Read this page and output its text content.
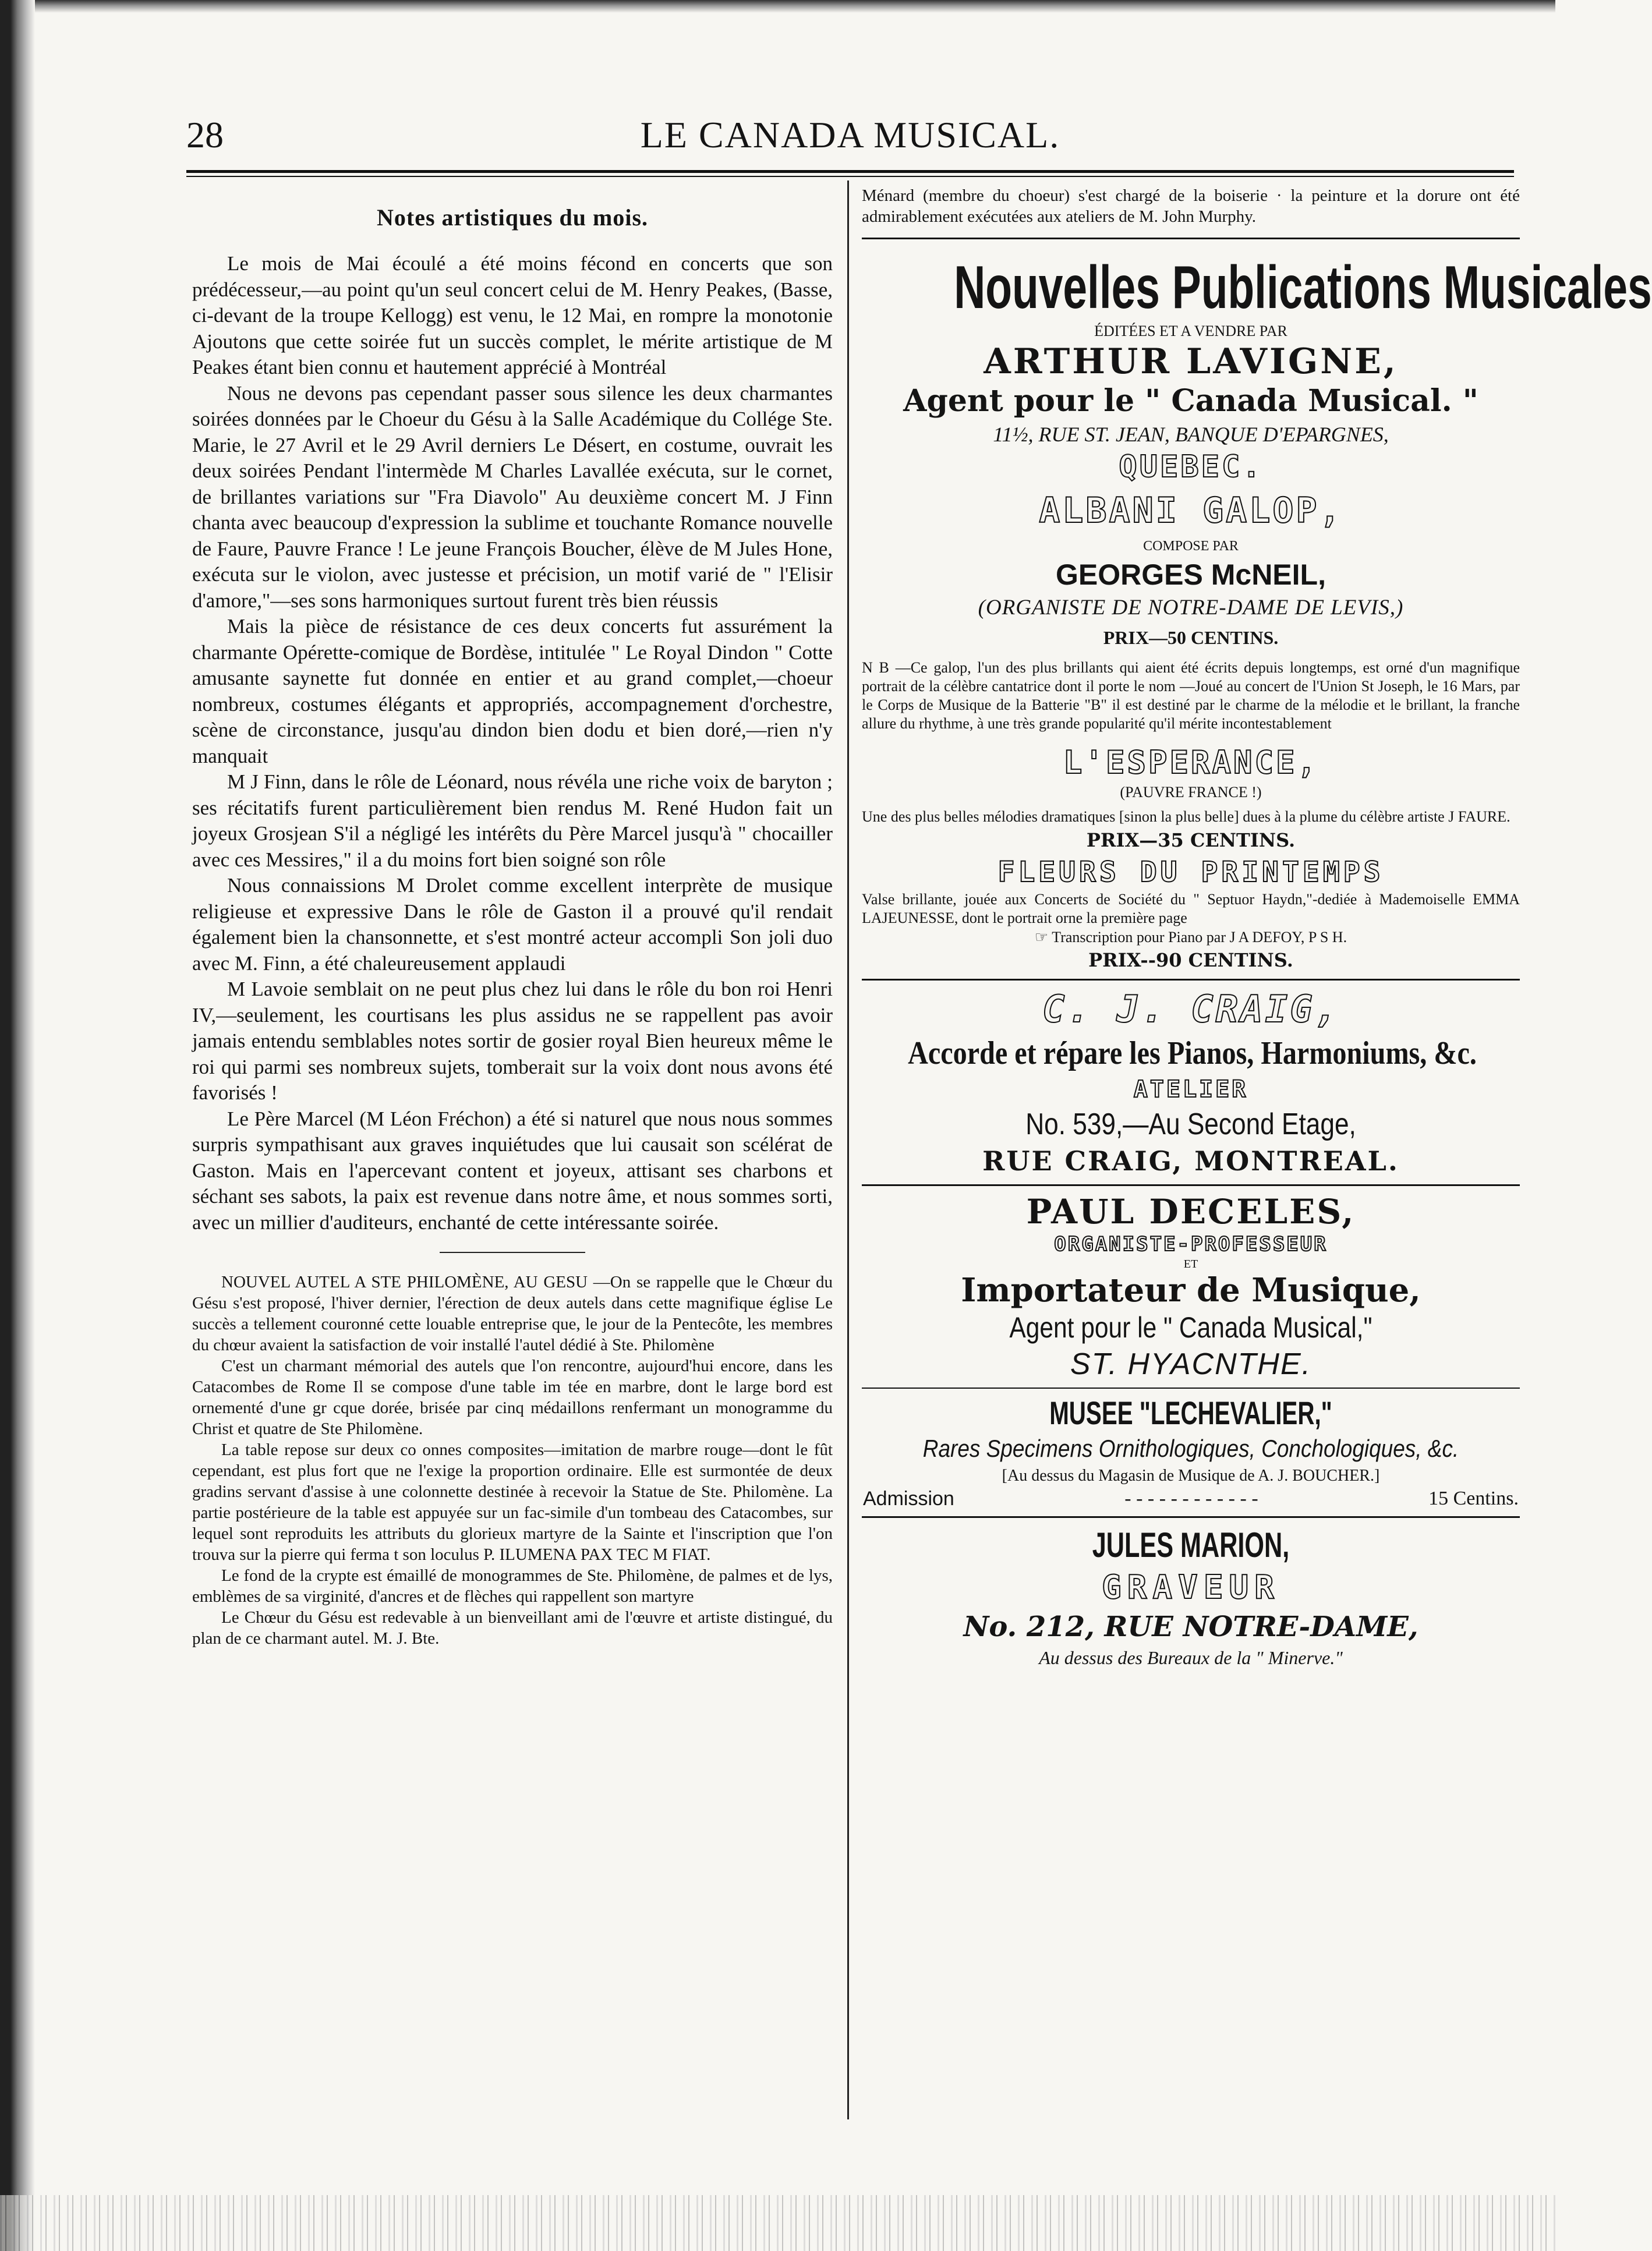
LE CANADA MUSICAL.
28
Notes artistiques du mois.

Le mois de Mai écoulé a été moins fécond en concerts que son prédécesseur,—au point qu'un seul concert celui de M. Henry Peakes, (Basse, ci-devant de la troupe Kellogg) est venu, le 12 Mai, en rompre la monotonie Ajoutons que cette soirée fut un succès complet, le mérite artistique de M Peakes étant bien connu et hautement apprécié à Montréal

Nous ne devons pas cependant passer sous silence les deux charmantes soirées données par le Choeur du Gésu à la Salle Académique du Collége Ste. Marie, le 27 Avril et le 29 Avril derniers Le Désert, en costume, ouvrait les deux soirées Pendant l'intermède M Charles Lavallée exécuta, sur le cornet, de brillantes variations sur "Fra Diavolo" Au deuxième concert M. J Finn chanta avec beaucoup d'expression la sublime et touchante Romance nouvelle de Faure, Pauvre France ! Le jeune François Boucher, élève de M Jules Hone, exécuta sur le violon, avec justesse et précision, un motif varié de " l'Elisir d'amore,"—ses sons harmoniques surtout furent très bien réussis

Mais la pièce de résistance de ces deux concerts fut assurément la charmante Opérette-comique de Bordèse, intitulée " Le Royal Dindon " Cotte amusante saynette fut donnée en entier et au grand complet,—choeur nombreux, costumes élégants et appropriés, accompagnement d'orchestre, scène de circonstance, jusqu'au dindon bien dodu et bien doré,—rien n'y manquait

M J Finn, dans le rôle de Léonard, nous révéla une riche voix de baryton ; ses récitatifs furent particulièrement bien rendus M. René Hudon fait un joyeux Grosjean S'il a négligé les intérêts du Père Marcel jusqu'à " chocailler avec ces Messires," il a du moins fort bien soigné son rôle

Nous connaissions M Drolet comme excellent interprète de musique religieuse et expressive Dans le rôle de Gaston il a prouvé qu'il rendait également bien la chansonnette, et s'est montré acteur accompli Son joli duo avec M. Finn, a été chaleureusement applaudi

M Lavoie semblait on ne peut plus chez lui dans le rôle du bon roi Henri IV,—seulement, les courtisans les plus assidus ne se rappellent pas avoir jamais entendu semblables notes sortir de gosier royal Bien heureux même le roi qui parmi ses nombreux sujets, tomberait sur la voix dont nous avons été favorisés !

Le Père Marcel (M Léon Fréchon) a été si naturel que nous nous sommes surpris sympathisant aux graves inquiétudes que lui causait son scélérat de Gaston. Mais en l'apercevant content et joyeux, attisant ses charbons et séchant ses sabots, la paix est revenue dans notre âme, et nous sommes sorti, avec un millier d'auditeurs, enchanté de cette intéressante soirée.

NOUVEL AUTEL A STE PHILOMÈNE, AU GESU —On se rappelle que le Chœur du Gésu s'est proposé, l'hiver dernier, l'érection de deux autels dans cette magnifique église Le succès a tellement couronné cette louable entreprise que, le jour de la Pentecôte, les membres du chœur avaient la satisfaction de voir installé l'autel dédié à Ste. Philomène

C'est un charmant mémorial des autels que l'on rencontre, aujourd'hui encore, dans les Catacombes de Rome Il se compose d'une table im tée en marbre, dont le large bord est ornementé d'une gr cque dorée, brisée par cinq médaillons renfermant un monogramme du Christ et quatre de Ste Philomène.

La table repose sur deux co onnes composites—imitation de marbre rouge—dont le fût cependant, est plus fort que ne l'exige la proportion ordinaire. Elle est surmontée de deux gradins servant d'assise à une colonnette destinée à recevoir la Statue de Ste. Philomène. La partie postérieure de la table est appuyée sur un fac-simile d'un tombeau des Catacombes, sur lequel sont reproduits les attributs du glorieux martyre de la Sainte et l'inscription que l'on trouva sur la pierre qui ferma t son loculus P. ILUMENA PAX TEC M FIAT.

Le fond de la crypte est émaillé de monogrammes de Ste. Philomène, de palmes et de lys, emblèmes de sa virginité, d'ancres et de flèches qui rappellent son martyre

Le Chœur du Gésu est redevable à un bienveillant ami de l'œuvre et artiste distingué, du plan de ce charmant autel. M. J. Bte.

Ménard (membre du choeur) s'est chargé de la boiserie · la peinture et la dorure ont été admirablement exécutées aux ateliers de M. John Murphy.

Nouvelles Publications Musicales
ÉDITÉES ET A VENDRE PAR
ARTHUR LAVIGNE,
Agent pour le " Canada Musical. "
11½, RUE ST. JEAN, BANQUE D'EPARGNES,
QUEBEC.
ALBANI GALOP,
COMPOSE PAR
GEORGES McNEIL,
(ORGANISTE DE NOTRE-DAME DE LEVIS,)
PRIX—50 CENTINS.
N B —Ce galop, l'un des plus brillants qui aient été écrits depuis longtemps, est orné d'un magnifique portrait de la célèbre cantatrice dont il porte le nom —Joué au concert de l'Union St Joseph, le 16 Mars, par le Corps de Musique de la Batterie "B" il est destiné par le charme de la mélodie et le brillant, la franche allure du rhythme, à une très grande popularité qu'il mérite incontestablement
L'ESPERANCE,
(PAUVRE FRANCE !)
Une des plus belles mélodies dramatiques [sinon la plus belle] dues à la plume du célèbre artiste J FAURE.
PRIX—35 CENTINS.
FLEURS DU PRINTEMPS
Valse brillante, jouée aux Concerts de Société du " Septuor Haydn,"-dediée à Mademoiselle EMMA LAJEUNESSE, dont le portrait orne la première page
☞ Transcription pour Piano par J A DEFOY, P S H.
PRIX--90 CENTINS.
C. J. CRAIG,
Accorde et répare les Pianos, Harmoniums, &c.
ATELIER
No. 539,—Au Second Etage,
RUE CRAIG, MONTREAL.
PAUL DECELES,
ORGANISTE-PROFESSEUR
ET
Importateur de Musique,
Agent pour le " Canada Musical,"
ST. HYACNTHE.
MUSEE "LECHEVALIER,"
Rares Specimens Ornithologiques, Conchologiques, &c.
[Au dessus du Magasin de Musique de A. J. BOUCHER.]
Admission	- - - - - - - - - - - -	15 Centins.
JULES MARION,
GRAVEUR
No. 212, RUE NOTRE-DAME,
Au dessus des Bureaux de la " Minerve."
